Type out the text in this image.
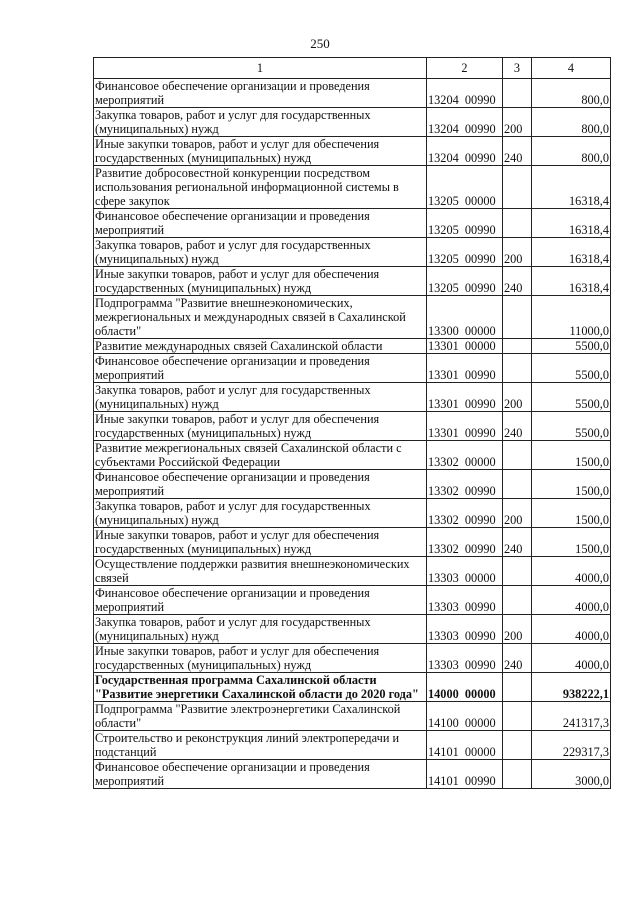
250
1	2	3	4
Финансовое обеспечение организации и проведения мероприятий	13204  00990		800,0
Закупка товаров, работ и услуг для государственных (муниципальных) нужд	13204  00990	200	800,0
Иные закупки товаров, работ и услуг для обеспечения государственных (муниципальных) нужд	13204  00990	240	800,0
Развитие добросовестной конкуренции посредством использования региональной информационной системы в сфере закупок	13205  00000		16318,4
Финансовое обеспечение организации и проведения мероприятий	13205  00990		16318,4
Закупка товаров, работ и услуг для государственных (муниципальных) нужд	13205  00990	200	16318,4
Иные закупки товаров, работ и услуг для обеспечения государственных (муниципальных) нужд	13205  00990	240	16318,4
Подпрограмма "Развитие внешнеэкономических, межрегиональных и международных связей в Сахалинской области"	13300  00000		11000,0
Развитие международных связей Сахалинской области	13301  00000		5500,0
Финансовое обеспечение организации и проведения мероприятий	13301  00990		5500,0
Закупка товаров, работ и услуг для государственных (муниципальных) нужд	13301  00990	200	5500,0
Иные закупки товаров, работ и услуг для обеспечения государственных (муниципальных) нужд	13301  00990	240	5500,0
Развитие межрегиональных связей Сахалинской области с субъектами Российской Федерации	13302  00000		1500,0
Финансовое обеспечение организации и проведения мероприятий	13302  00990		1500,0
Закупка товаров, работ и услуг для государственных (муниципальных) нужд	13302  00990	200	1500,0
Иные закупки товаров, работ и услуг для обеспечения государственных (муниципальных) нужд	13302  00990	240	1500,0
Осуществление поддержки развития внешнеэкономических связей	13303  00000		4000,0
Финансовое обеспечение организации и проведения мероприятий	13303  00990		4000,0
Закупка товаров, работ и услуг для государственных (муниципальных) нужд	13303  00990	200	4000,0
Иные закупки товаров, работ и услуг для обеспечения государственных (муниципальных) нужд	13303  00990	240	4000,0
Государственная программа Сахалинской области "Развитие энергетики Сахалинской области до 2020 года"	14000  00000		938222,1
Подпрограмма "Развитие электроэнергетики Сахалинской области"	14100  00000		241317,3
Строительство и реконструкция линий электропередачи и подстанций	14101  00000		229317,3
Финансовое обеспечение организации и проведения мероприятий	14101  00990		3000,0
